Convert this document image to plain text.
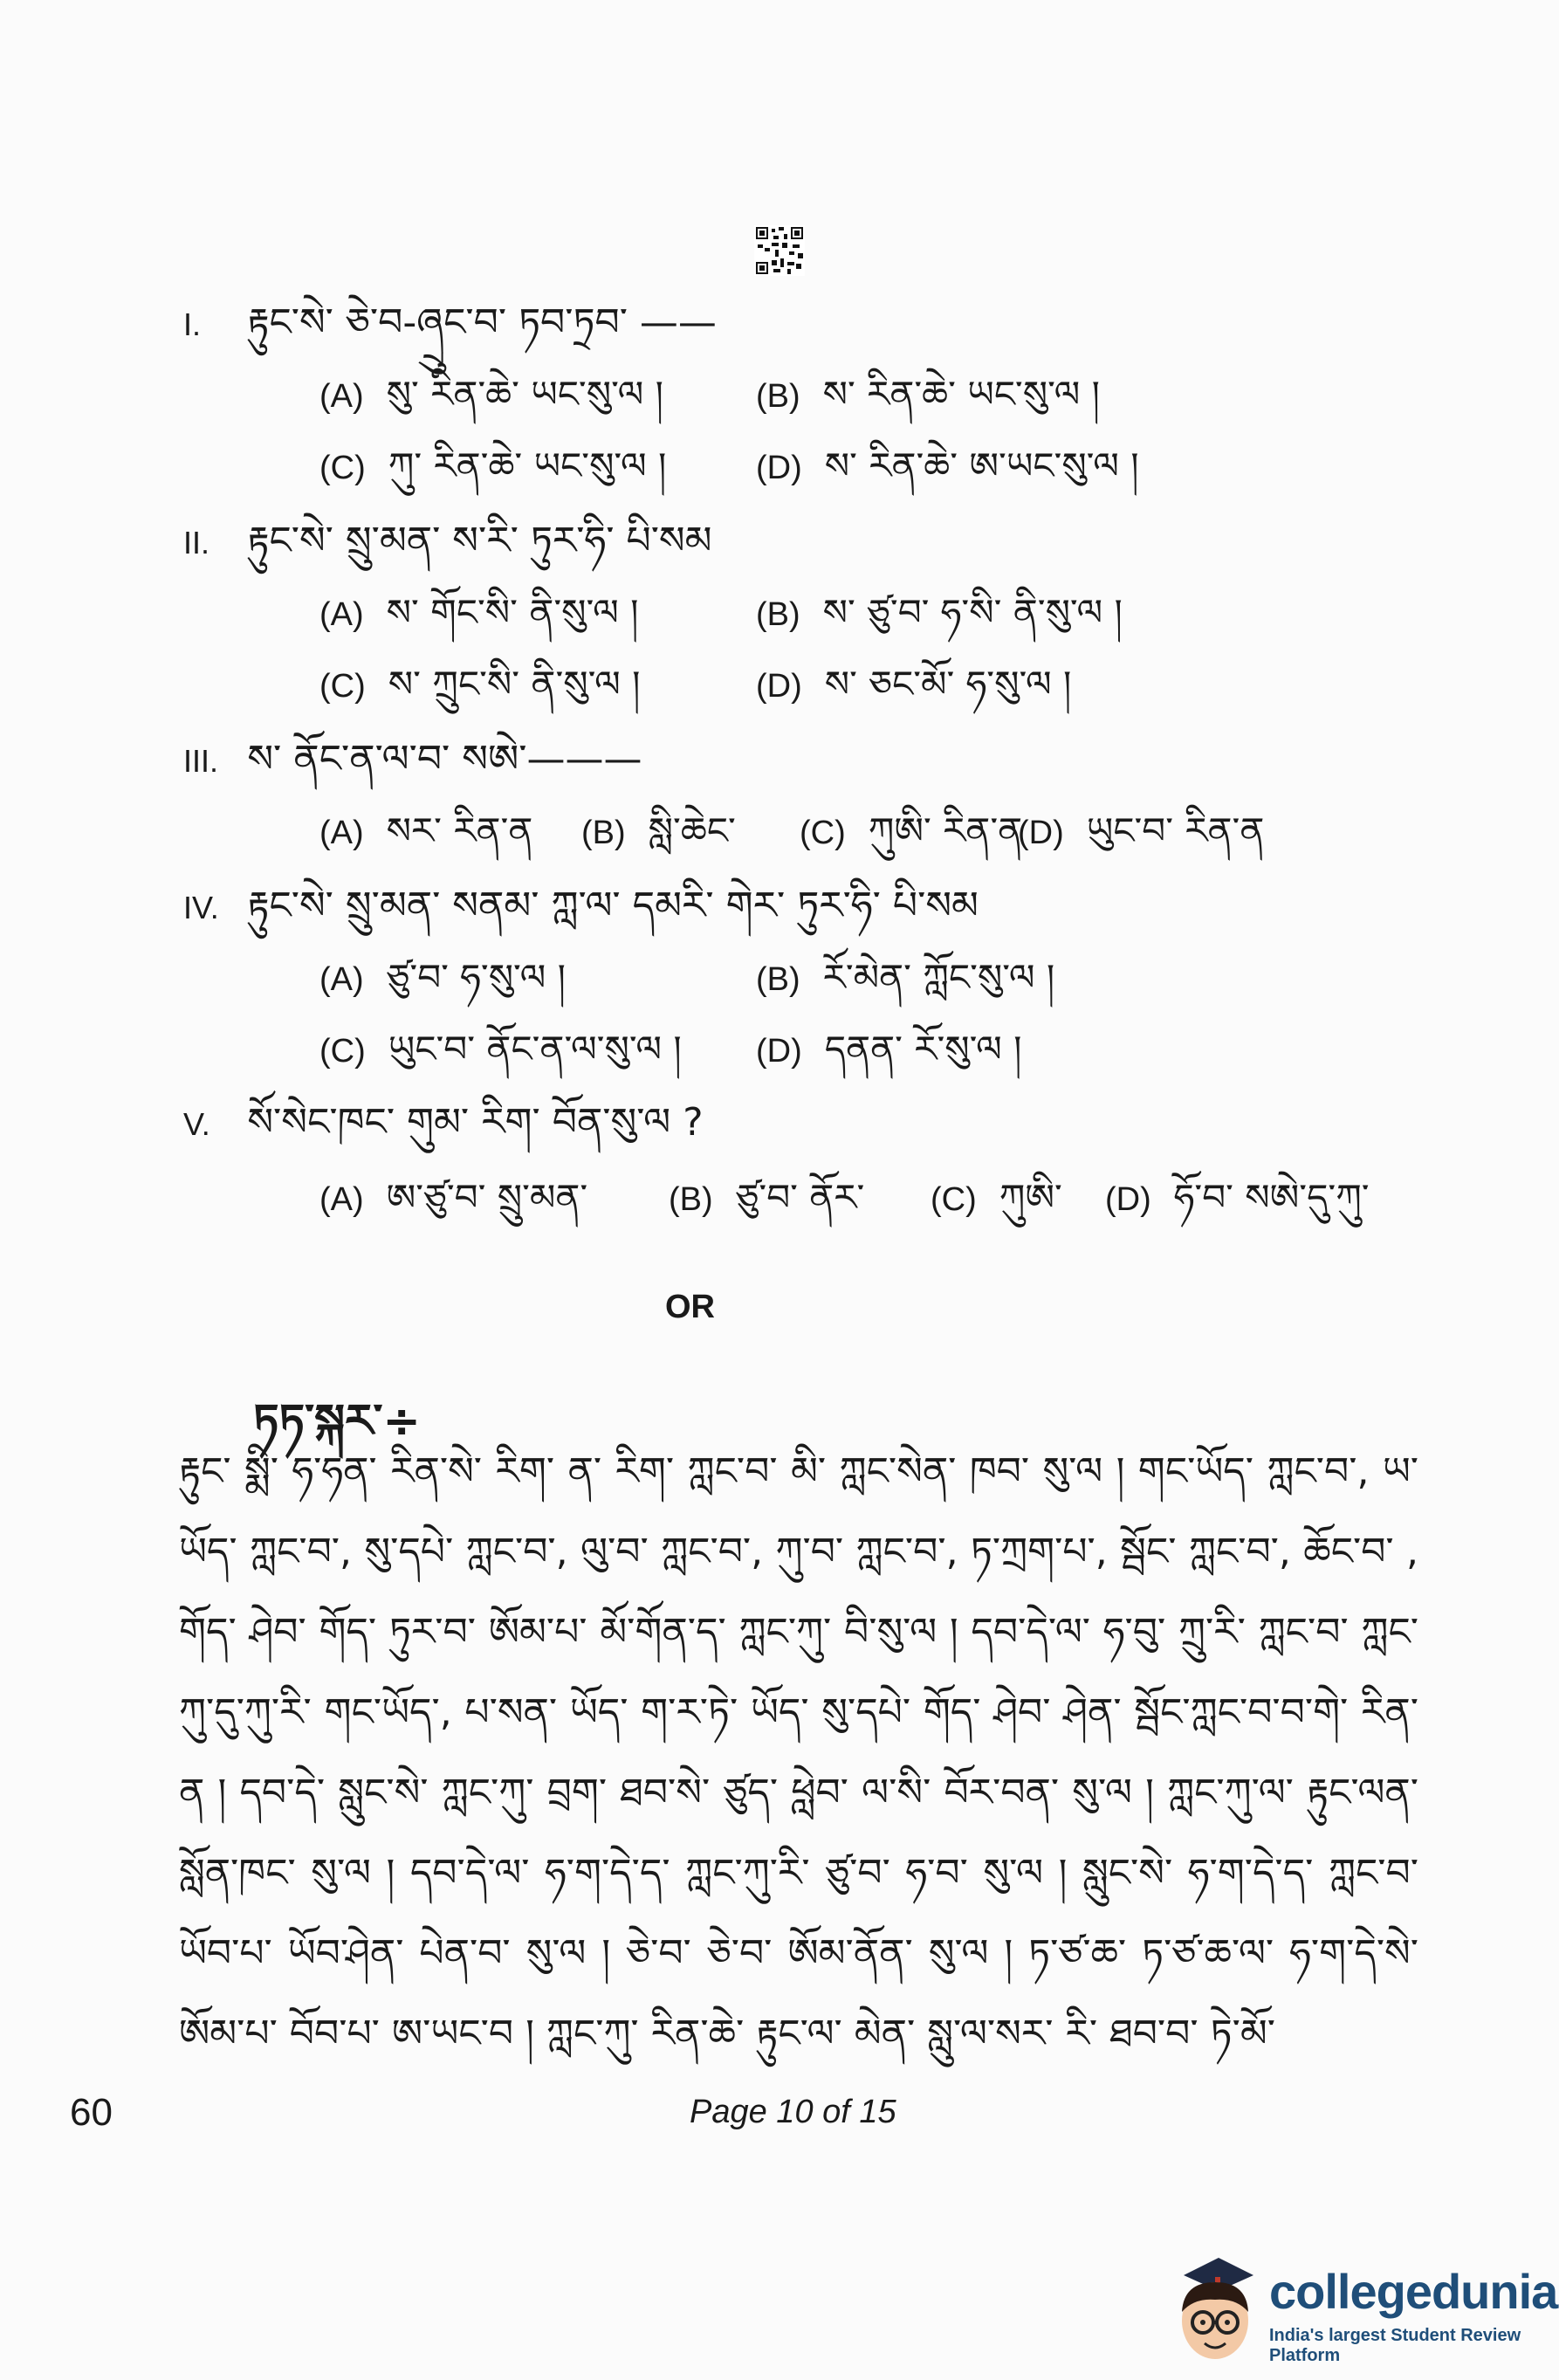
I. རྟུང་སེ་ ཅེ་བ-ཞྲུང་བ་ ཏབ་ཏྲབ་ ——
(A) སུ་ རིན་ཆེ་ ཡང་སུ་ལ །	(B) ས་ རིན་ཆེ་ ཡང་སུ་ལ །
(C) ཀུ་ རིན་ཆེ་ ཡང་སུ་ལ །	(D) ས་ རིན་ཆེ་ ཨ་ཡང་སུ་ལ །
II. རྟུང་སེ་ སྲུ་མན་ ས་རི་ ཏུར་ཧི་ པི་སམ
(A) ས་ གོང་སི་ ནི་སུ་ལ །	(B) ས་ ཙུ་བ་ ཧ་སི་ ནི་སུ་ལ །
(C) ས་ ཀྲུང་སི་ ནི་སུ་ལ །	(D) ས་ ཅང་མོ་ ཧ་སུ་ལ །
III. ས་ ནོང་ན་ལ་བ་ སཨེ་———
(A) སར་ རིན་ན (B) སླི་ཆེང་ (C) ཀུཨི་ རིན་ན
(D) ཡུང་བ་ རིན་ན
IV. རྟུང་སེ་ སྲུ་མན་ སནམ་ ཀླ་ལ་ དམརི་ གེར་ ཏུར་ཧི་ པི་སམ
(A) ཙུ་བ་ ཧ་སུ་ལ །	(B) རོ་མེན་ ཀློང་སུ་ལ །
(C) ཡུང་བ་ ནོང་ན་ལ་སུ་ལ ། (D) དནན་ རོ་སུ་ལ །
V. སོ་སེང་ཁང་ གུམ་ རིག་ བོན་སུ་ལ ?
(A) ཨ་ཙུ་བ་ སྲུ་མན་ (B) ཙུ་བ་ ནོར་ (C) ཀུཨི་ (D) ཧོ་བ་ སཨེ་དུ་ཀུ་
OR
ཏཏ་སྐར་÷
རྟུང་ སྨི་ ཧ་ཧན་ རིན་སེ་ རིག་ ན་ རིག་ ཀླང་བ་ མི་ ཀླང་སེན་ ཁབ་ སུ་ལ ། གང་ཡོད་ ཀླང་བ་, ཡ་ཡོད་ ཀླང་བ་, སུ་དཔེ་ ཀླང་བ་, ལུ་བ་ ཀླང་བ་, ཀུ་བ་ ཀླང་བ་, ཏ་ཀྲག་པ་, སྦོང་ ཀླང་བ་, ཆོང་བ་ , གོད་ ཤེབ་ གོད་ ཏུར་བ་ ཨོམ་པ་ མོ་གོན་ད་ ཀླང་ཀུ་ བི་སུ་ལ ། དབ་དེ་ལ་ ཧ་བུ་ ཀྲུ་རི་ ཀླང་བ་ ཀླང་ཀུ་དུ་ཀུ་རི་ གང་ཡོད་, པ་སན་ ཡོད་ ག་ར་ཏེ་ ཡོད་ སུ་དཔེ་ གོད་ ཤེབ་ ཤེན་ སྦོང་ཀླང་བ་བ་གེ་ རིན་ན ། དབ་དེ་ སླུང་སེ་ ཀླང་ཀུ་ བྲག་ ཐབ་སེ་ ཙུད་ ཕླེབ་ ལ་སི་ བོར་བན་ སུ་ལ ། ཀླང་ཀུ་ལ་ རྟུང་ལན་ སློན་ཁང་ སུ་ལ ། དབ་དེ་ལ་ ཧ་ག་དེ་ད་ ཀླང་ཀུ་རི་ ཙུ་བ་ ཧ་བ་ སུ་ལ ། སླུང་སེ་ ཧ་ག་དེ་ད་ ཀླང་བ་ ཡོབ་པ་ ཡོབ་ཤེན་ པེན་བ་ སུ་ལ ། ཅེ་བ་ ཅེ་བ་ ཨོམ་ནོན་ སུ་ལ ། ཏ་ཙ་ཆ་ ཏ་ཙ་ཆ་ལ་ ཧ་ག་དེ་སེ་ ཨོམ་པ་ བོབ་པ་ ཨ་ཡང་བ ། ཀླང་ཀུ་ རིན་ཆེ་ རྟུང་ལ་ མེན་ སླུ་ལ་སར་ རི་ ཐབ་བ་ ཏེ་མོ་
60	Page 10 of 15
collegedunia
India's largest Student Review Platform
